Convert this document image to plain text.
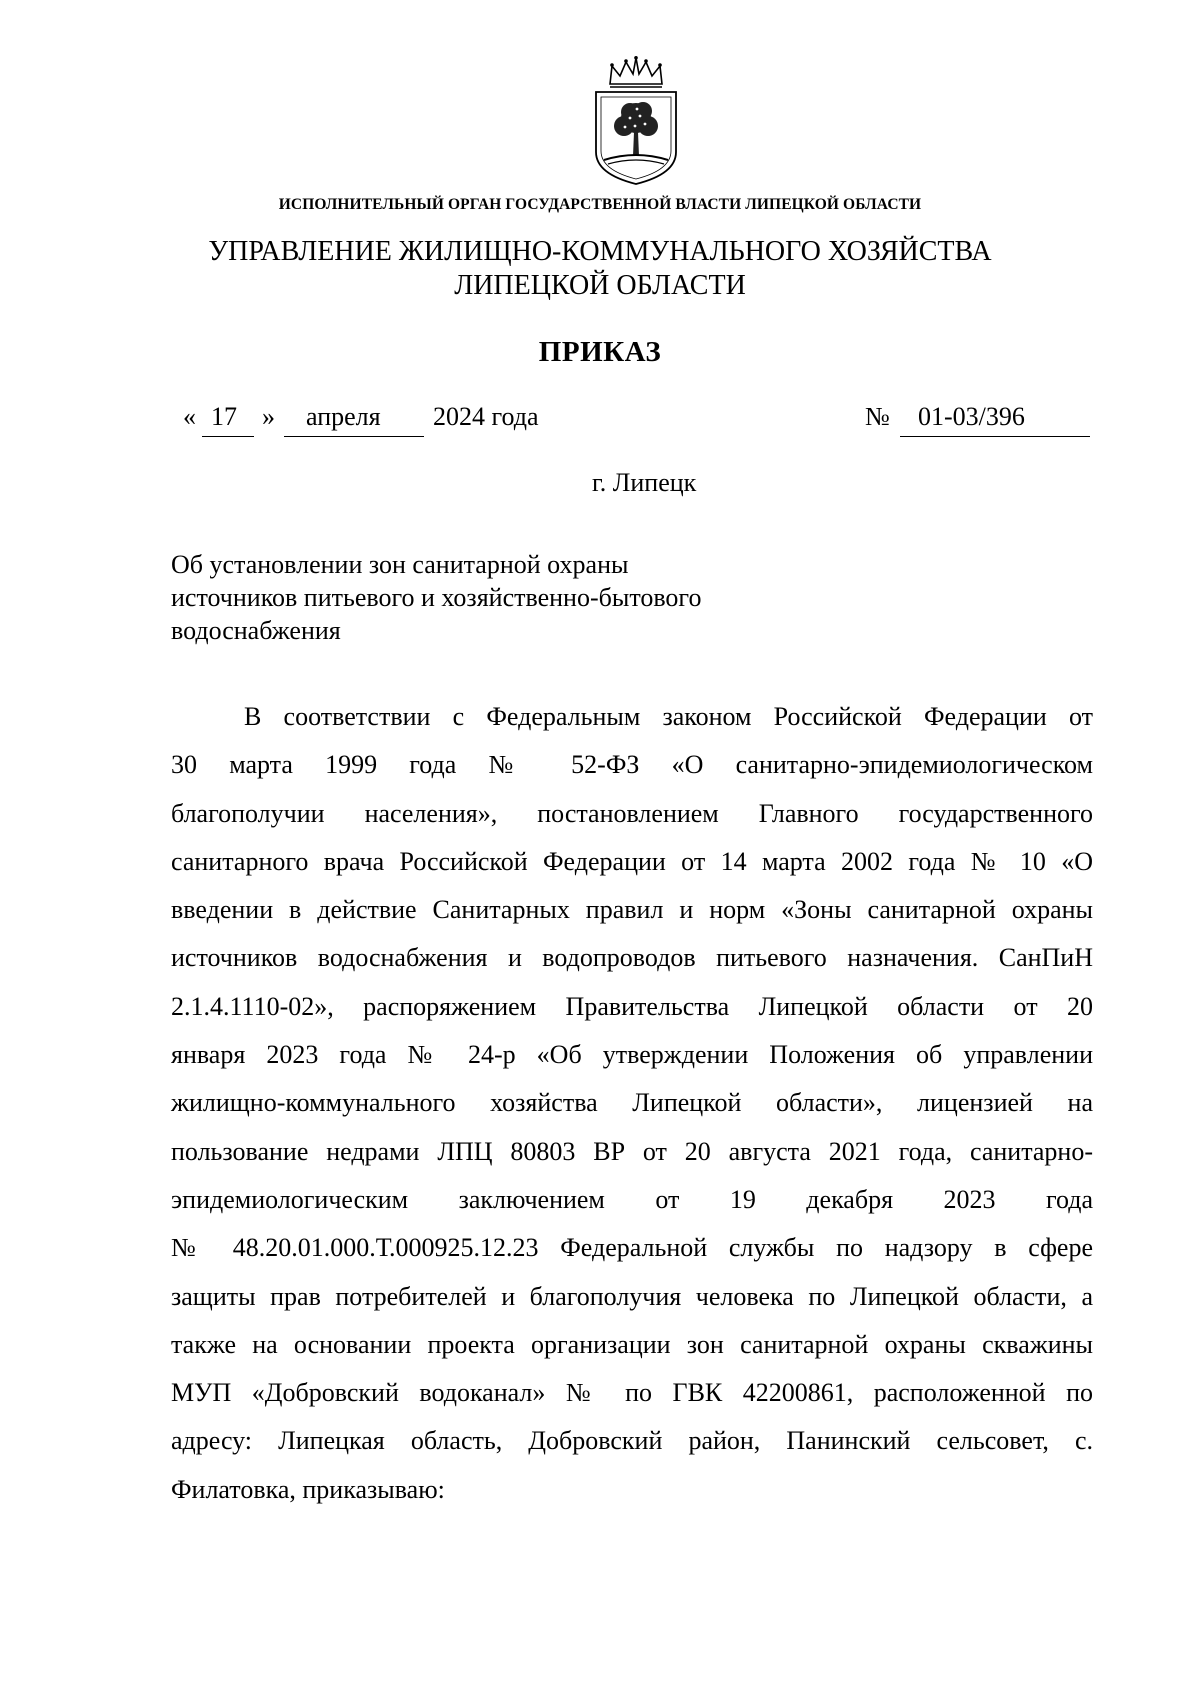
ИСПОЛНИТЕЛЬНЫЙ ОРГАН ГОСУДАРСТВЕННОЙ ВЛАСТИ ЛИПЕЦКОЙ ОБЛАСТИ
УПРАВЛЕНИЕ ЖИЛИЩНО-КОММУНАЛЬНОГО ХОЗЯЙСТВА
ЛИПЕЦКОЙ ОБЛАСТИ
ПРИКАЗ
« 17 » апреля 2024 года	№ 01-03/396
г. Липецк
Об установлении зон санитарной охраны
источников питьевого и хозяйственно-бытового
водоснабжения
В соответствии с Федеральным законом Российской Федерации от
30 марта 1999 года № 52-ФЗ «О санитарно-эпидемиологическом
благополучии населения», постановлением Главного государственного
санитарного врача Российской Федерации от 14 марта 2002 года № 10 «О
введении в действие Санитарных правил и норм «Зоны санитарной охраны
источников водоснабжения и водопроводов питьевого назначения. СанПиН
2.1.4.1110-02», распоряжением Правительства Липецкой области от 20
января 2023 года № 24-р «Об утверждении Положения об управлении
жилищно-коммунального хозяйства Липецкой области», лицензией на
пользование недрами ЛПЦ 80803 ВР от 20 августа 2021 года, санитарно-
эпидемиологическим заключением от 19 декабря 2023 года
№ 48.20.01.000.Т.000925.12.23 Федеральной службы по надзору в сфере
защиты прав потребителей и благополучия человека по Липецкой области, а
также на основании проекта организации зон санитарной охраны скважины
МУП «Добровский водоканал» № по ГВК 42200861, расположенной по
адресу: Липецкая область, Добровский район, Панинский сельсовет, с.
Филатовка, приказываю:
